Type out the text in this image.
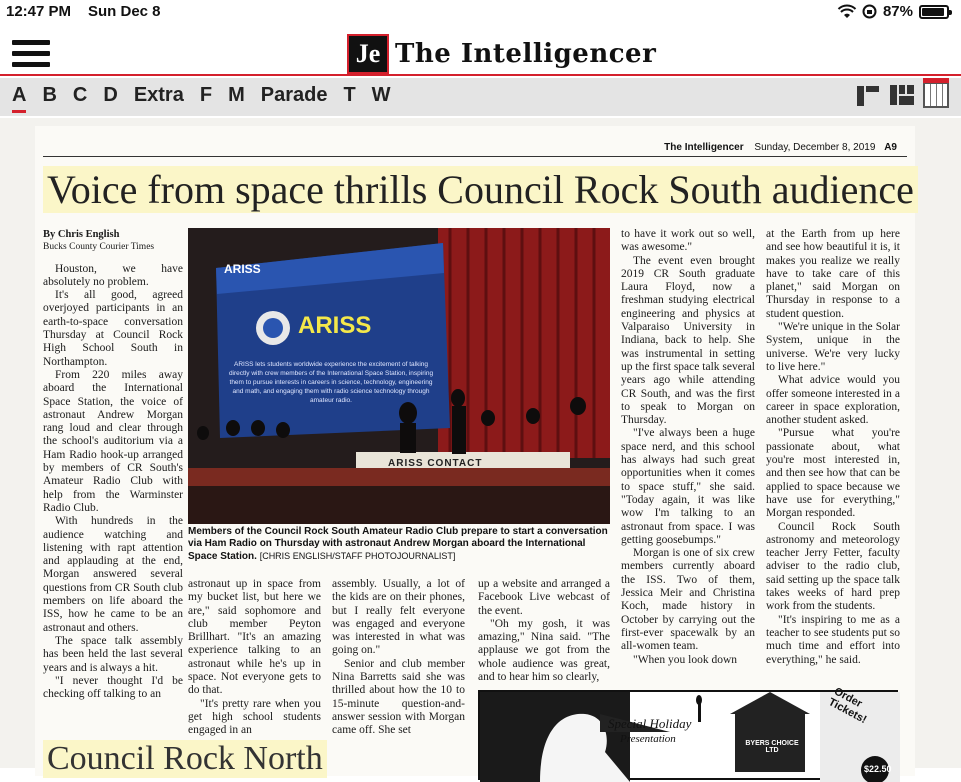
12:47 PM Sun Dec 8	87%
Je The Intelligencer
A B C D Extra F M Parade T W
The Intelligencer Sunday, December 8, 2019 A9
Voice from space thrills Council Rock South audience
By Chris English
Bucks County Courier Times

Houston, we have absolutely no problem.

It's all good, agreed overjoyed participants in an earth-to-space conversation Thursday at Council Rock High School South in Northampton.

From 220 miles away aboard the International Space Station, the voice of astronaut Andrew Morgan rang loud and clear through the school's auditorium via a Ham Radio hook-up arranged by members of CR South's Amateur Radio Club with help from the Warminster Radio Club.

With hundreds in the audience watching and listening with rapt attention and applauding at the end, Morgan answered several questions from CR South club members on life aboard the ISS, how he came to be an astronaut and others.

The space talk assembly has been held the last several years and is always a hit.

"I never thought I'd be checking off talking to an

ARISS
ARISS
ARISS lets students worldwide experience the excitement of talking directly with crew members of the International Space Station, inspiring them to pursue interests in careers in science, technology, engineering and math, and engaging them with radio science technology through amateur radio.
ARISS CONTACT
Members of the Council Rock South Amateur Radio Club prepare to start a conversation via Ham Radio on Thursday with astronaut Andrew Morgan aboard the International Space Station. [CHRIS ENGLISH/STAFF PHOTOJOURNALIST]

astronaut up in space from my bucket list, but here we are," said sophomore and club member Peyton Brillhart. "It's an amazing experience talking to an astronaut while he's up in space. Not everyone gets to do that.

"It's pretty rare when you get high school students engaged in an

assembly. Usually, a lot of the kids are on their phones, but I really felt everyone was engaged and everyone was interested in what was going on."

Senior and club member Nina Barretts said she was thrilled about how the 10 to 15-minute question-and-answer session with Morgan came off. She set

up a website and arranged a Facebook Live webcast of the event.

"Oh my gosh, it was amazing," Nina said. "The applause we got from the whole audience was great, and to hear him so clearly,

to have it work out so well, was awesome."

The event even brought 2019 CR South graduate Laura Floyd, now a freshman studying electrical engineering and physics at Valparaiso University in Indiana, back to help. She was instrumental in setting up the first space talk several years ago while attending CR South, and was the first to speak to Morgan on Thursday.

"I've always been a huge space nerd, and this school has always had such great opportunities when it comes to space stuff," she said. "Today again, it was like wow I'm talking to an astronaut from space. I was getting goosebumps."

Morgan is one of six crew members currently aboard the ISS. Two of them, Jessica Meir and Christina Koch, made history in October by carrying out the first-ever spacewalk by an all-women team.

"When you look down

at the Earth from up here and see how beautiful it is, it makes you realize we really have to take care of this planet," said Morgan on Thursday in response to a student question.

"We're unique in the Solar System, unique in the universe. We're very lucky to live here."

What advice would you offer someone interested in a career in space exploration, another student asked.

"Pursue what you're passionate about, what you're most interested in, and then see how that can be applied to space because we have use for everything," Morgan responded.

Council Rock South astronomy and meteorology teacher Jerry Fetter, faculty adviser to the radio club, said setting up the space talk takes weeks of hard prep work from the students.

"It's inspiring to me as a teacher to see students put so much time and effort into everything," he said.

Special Holiday
Presentation	BYERS CHOICE LTD
Order Tickets!
$22.50
Council Rock North
